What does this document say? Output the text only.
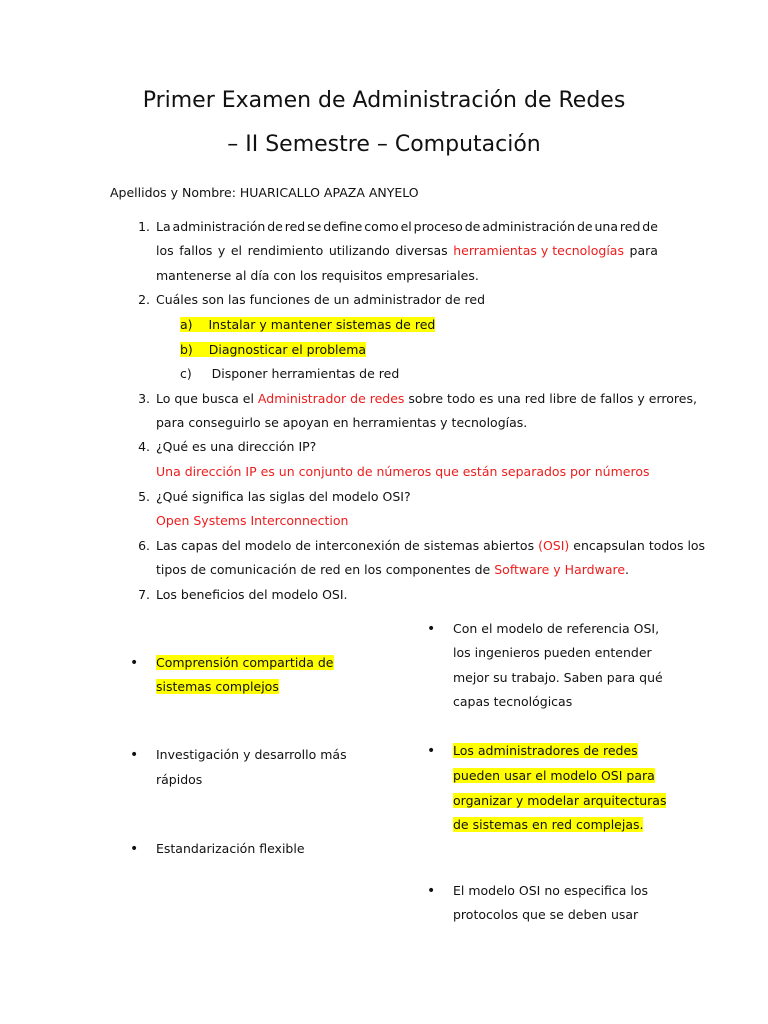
Primer Examen de Administración de Redes
– II Semestre – Computación
Apellidos y Nombre: HUARICALLO APAZA ANYELO
1. La administración de red se define como el proceso de administración de una red de
los fallos y el rendimiento utilizando diversas herramientas y tecnologías para
mantenerse al día con los requisitos empresariales.
2. Cuáles son las funciones de un administrador de red
a) Instalar y mantener sistemas de red
b) Diagnosticar el problema
c) Disponer herramientas de red
3. Lo que busca el Administrador de redes sobre todo es una red libre de fallos y errores,
para conseguirlo se apoyan en herramientas y tecnologías.
4. ¿Qué es una dirección IP?
Una dirección IP es un conjunto de números que están separados por números
5. ¿Qué significa las siglas del modelo OSI?
Open Systems Interconnection
6. Las capas del modelo de interconexión de sistemas abiertos (OSI) encapsulan todos los
tipos de comunicación de red en los componentes de Software y Hardware.
7. Los beneficios del modelo OSI.
• Comprensión compartida de
sistemas complejos
• Investigación y desarrollo más
rápidos
• Estandarización flexible
• Con el modelo de referencia OSI,
los ingenieros pueden entender
mejor su trabajo. Saben para qué
capas tecnológicas
• Los administradores de redes
pueden usar el modelo OSI para
organizar y modelar arquitecturas
de sistemas en red complejas.
• El modelo OSI no especifica los
protocolos que se deben usar
